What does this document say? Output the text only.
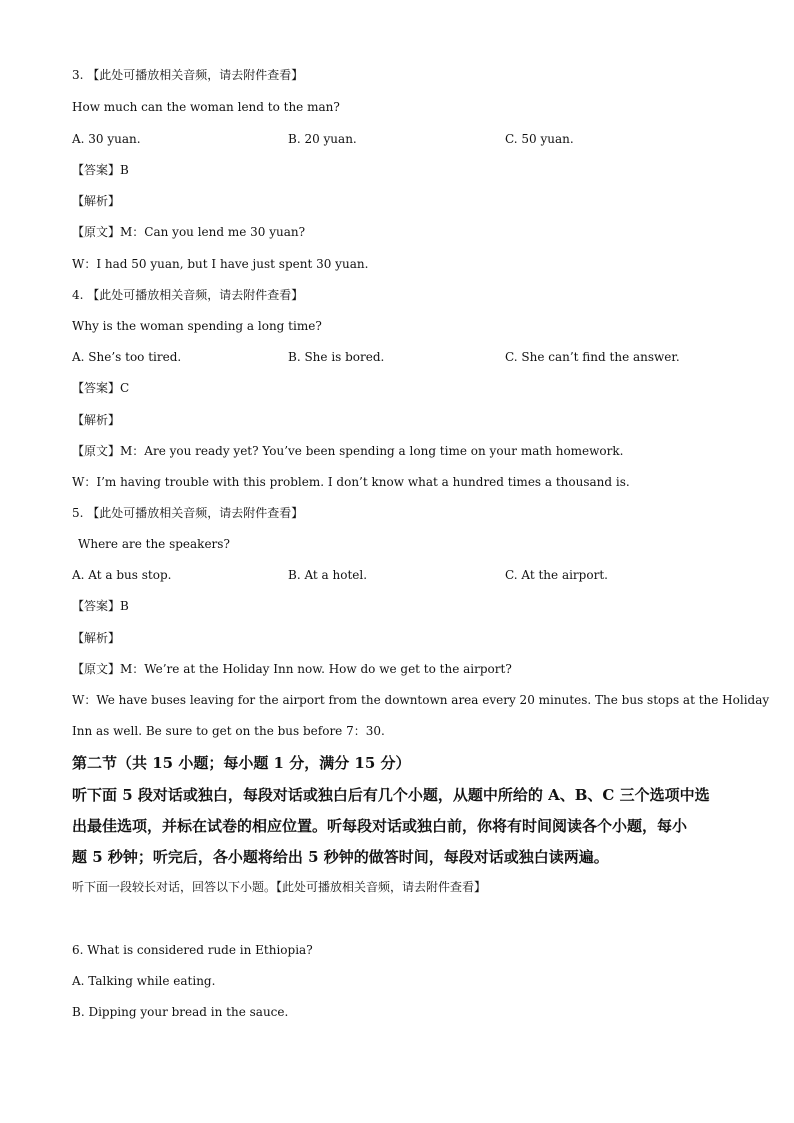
3. 【此处可播放相关音频，请去附件查看】
How much can the woman lend to the man?
A. 30 yuan.	B. 20 yuan.	C. 50 yuan.
【答案】B
【解析】
【原文】M：Can you lend me 30 yuan?
W：I had 50 yuan, but I have just spent 30 yuan.
4. 【此处可播放相关音频，请去附件查看】
Why is the woman spending a long time?
A. She’s too tired.	B. She is bored.	C. She can’t find the answer.
【答案】C
【解析】
【原文】M：Are you ready yet? You’ve been spending a long time on your math homework.
W：I’m having trouble with this problem. I don’t know what a hundred times a thousand is.
5. 【此处可播放相关音频，请去附件查看】
Where are the speakers?
A. At a bus stop.	B. At a hotel.	C. At the airport.
【答案】B
【解析】
【原文】M：We’re at the Holiday Inn now. How do we get to the airport?
W：We have buses leaving for the airport from the downtown area every 20 minutes. The bus stops at the Holiday
Inn as well. Be sure to get on the bus before 7：30.
第二节（共 15 小题；每小题 1 分，满分 15 分）
听下面 5 段对话或独白，每段对话或独白后有几个小题，从题中所给的 A、B、C 三个选项中选
出最佳选项，并标在试卷的相应位置。听每段对话或独白前，你将有时间阅读各个小题，每小
题 5 秒钟；听完后，各小题将给出 5 秒钟的做答时间，每段对话或独白读两遍。
听下面一段较长对话，回答以下小题。【此处可播放相关音频，请去附件查看】
6. What is considered rude in Ethiopia?
A. Talking while eating.
B. Dipping your bread in the sauce.
